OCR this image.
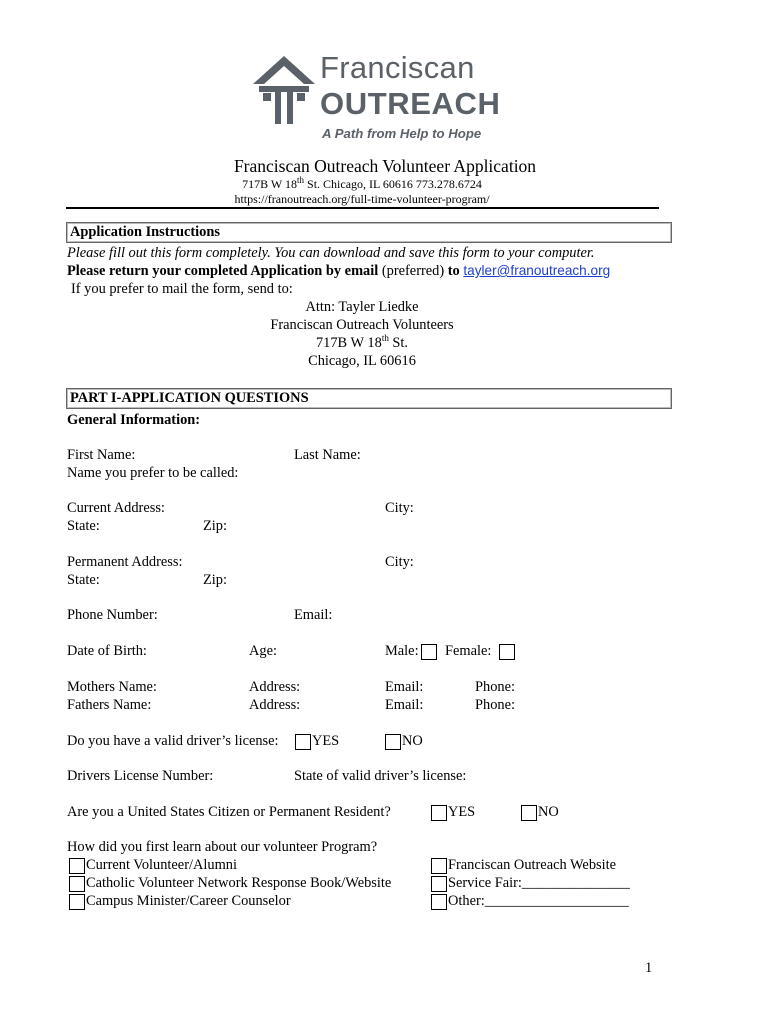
Franciscan
OUTREACH
A Path from Help to Hope
Franciscan Outreach Volunteer Application
717B W 18th St. Chicago, IL 60616 773.278.6724
https://franoutreach.org/full-time-volunteer-program/
Application Instructions
Please fill out this form completely. You can download and save this form to your computer.
Please return your completed Application by email (preferred) to tayler@franoutreach.org
If you prefer to mail the form, send to:
Attn: Tayler Liedke
Franciscan Outreach Volunteers
717B W 18th St.
Chicago, IL 60616
PART I-APPLICATION QUESTIONS
General Information:
First Name:	Last Name:
Name you prefer to be called:
Current Address:	City:
State:	Zip:
Permanent Address:	City:
State:	Zip:
Phone Number:	Email:
Date of Birth:	Age:	Male: Female:
Mothers Name:	Address:	Email:	Phone:
Fathers Name:	Address:	Email:	Phone:
Do you have a valid driver’s license: YES	NO
Drivers License Number:	State of valid driver’s license:
Are you a United States Citizen or Permanent Resident?	YES	NO
How did you first learn about our volunteer Program?
Current Volunteer/Alumni	Franciscan Outreach Website
Catholic Volunteer Network Response Book/Website	Service Fair:_______________
Campus Minister/Career Counselor	Other:____________________
1
